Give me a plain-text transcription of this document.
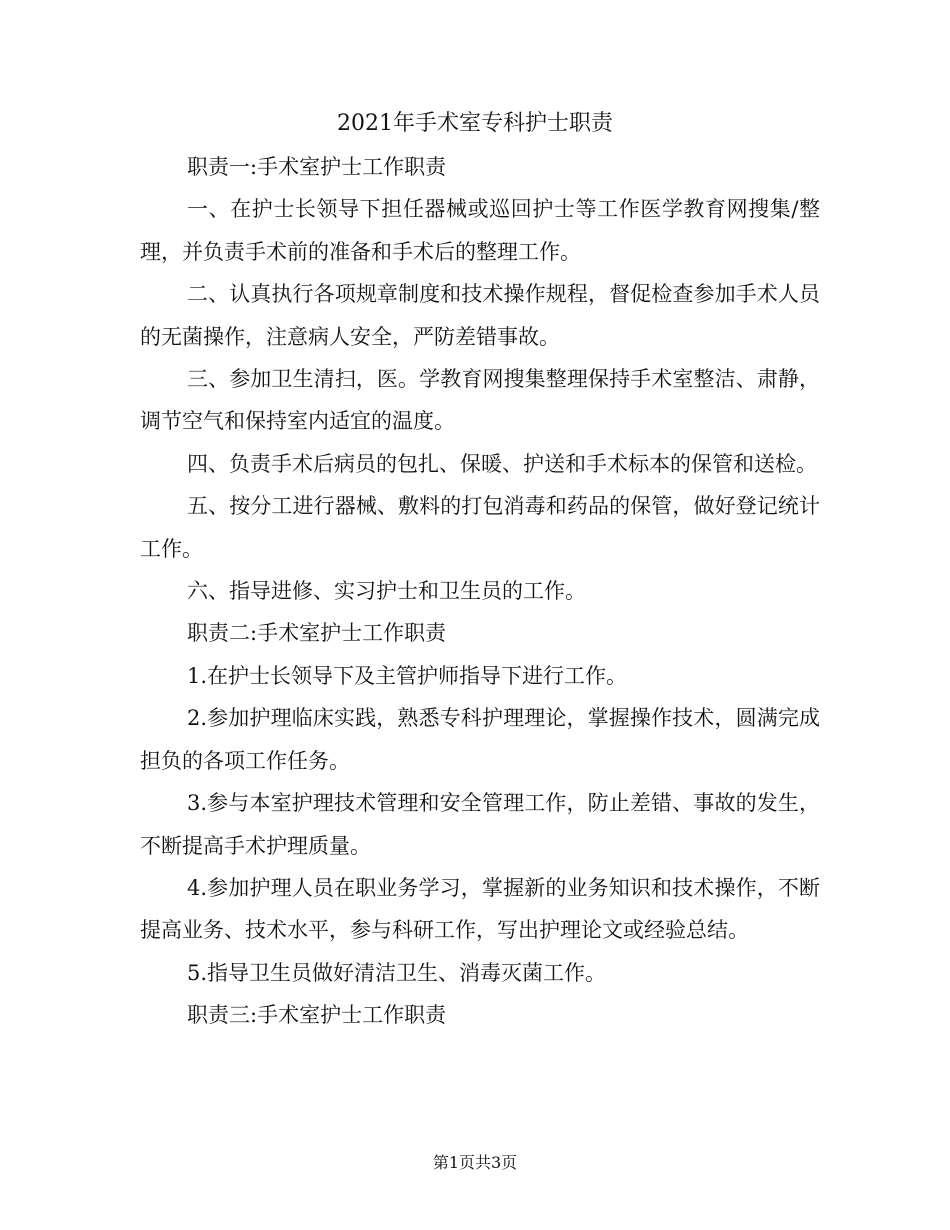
2021年手术室专科护士职责

职责一:手术室护士工作职责

一、在护士长领导下担任器械或巡回护士等工作医学教育网搜集/整理，并负责手术前的准备和手术后的整理工作。

二、认真执行各项规章制度和技术操作规程，督促检查参加手术人员的无菌操作，注意病人安全，严防差错事故。

三、参加卫生清扫，医。学教育网搜集整理保持手术室整洁、肃静，调节空气和保持室内适宜的温度。

四、负责手术后病员的包扎、保暖、护送和手术标本的保管和送检。

五、按分工进行器械、敷料的打包消毒和药品的保管，做好登记统计工作。

六、指导进修、实习护士和卫生员的工作。

职责二:手术室护士工作职责

1.在护士长领导下及主管护师指导下进行工作。

2.参加护理临床实践，熟悉专科护理理论，掌握操作技术，圆满完成担负的各项工作任务。

3.参与本室护理技术管理和安全管理工作，防止差错、事故的发生，不断提高手术护理质量。

4.参加护理人员在职业务学习，掌握新的业务知识和技术操作，不断提高业务、技术水平，参与科研工作，写出护理论文或经验总结。

5.指导卫生员做好清洁卫生、消毒灭菌工作。

职责三:手术室护士工作职责

第1页共3页
